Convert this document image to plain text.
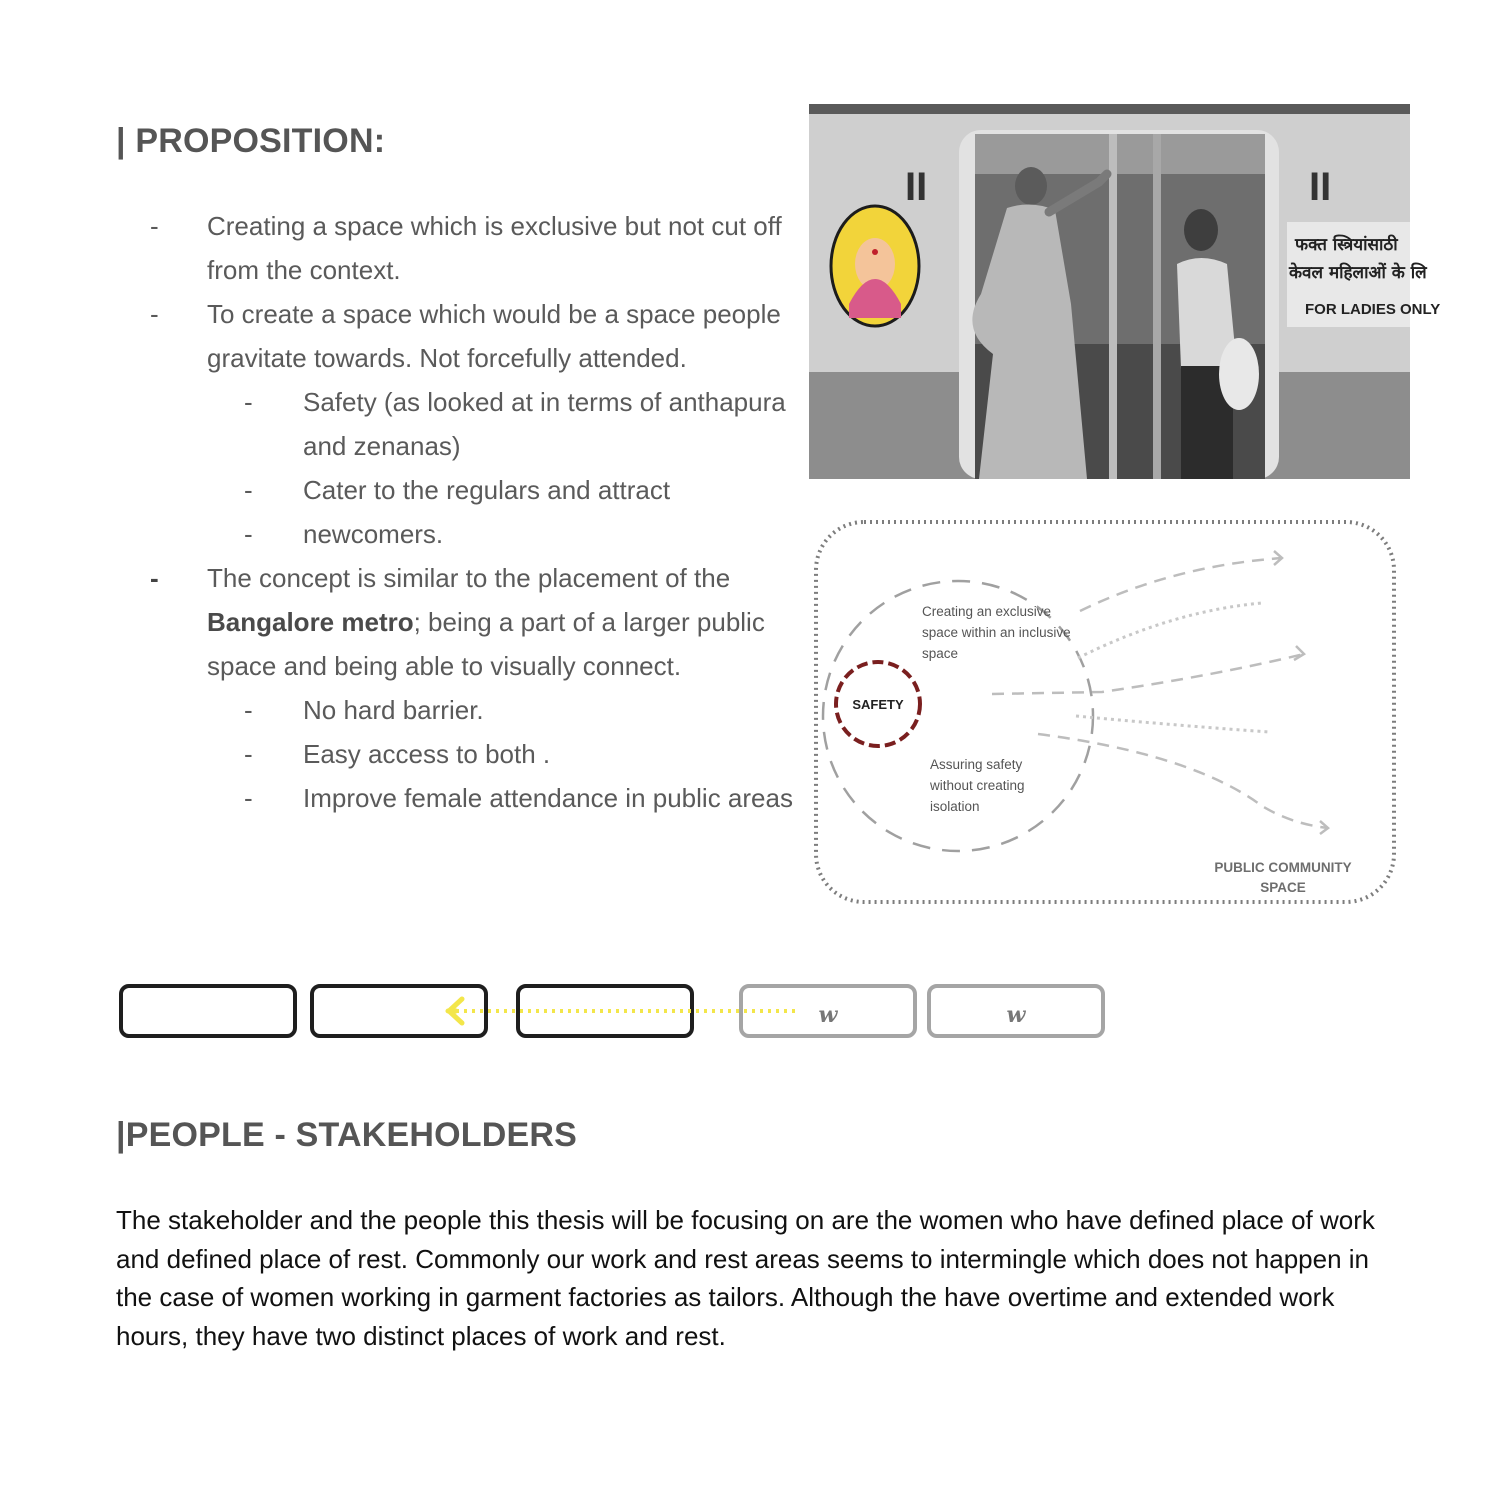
| PROPOSITION:
- Creating a space which is exclusive but not cut off from the context.
- To create a space which would be a space people gravitate towards. Not forcefully attended.
- Safety (as looked at in terms of anthapura and zenanas)
- Cater to the regulars and attract
- newcomers.
- The concept is similar to the placement of the Bangalore metro; being a part of a larger public space and being able to visually connect.
- No hard barrier.
- Easy access to both .
- Improve female attendance in public areas
II	II
फक्त स्त्रियांसाठी
केवल महिलाओं के लि
FOR LADIES ONLY
SAFETY
Creating an exclusive
space within an inclusive
space
Assuring safety
without creating
isolation
PUBLIC COMMUNITY
SPACE
w	w
|PEOPLE - STAKEHOLDERS

The stakeholder and the people this thesis will be focusing on are the women who have defined place of work and defined place of rest. Commonly our work and rest areas seems to intermingle which does not happen in the case of women working in garment factories as tailors. Although the have overtime and extended work hours, they have two distinct places of work and rest.
